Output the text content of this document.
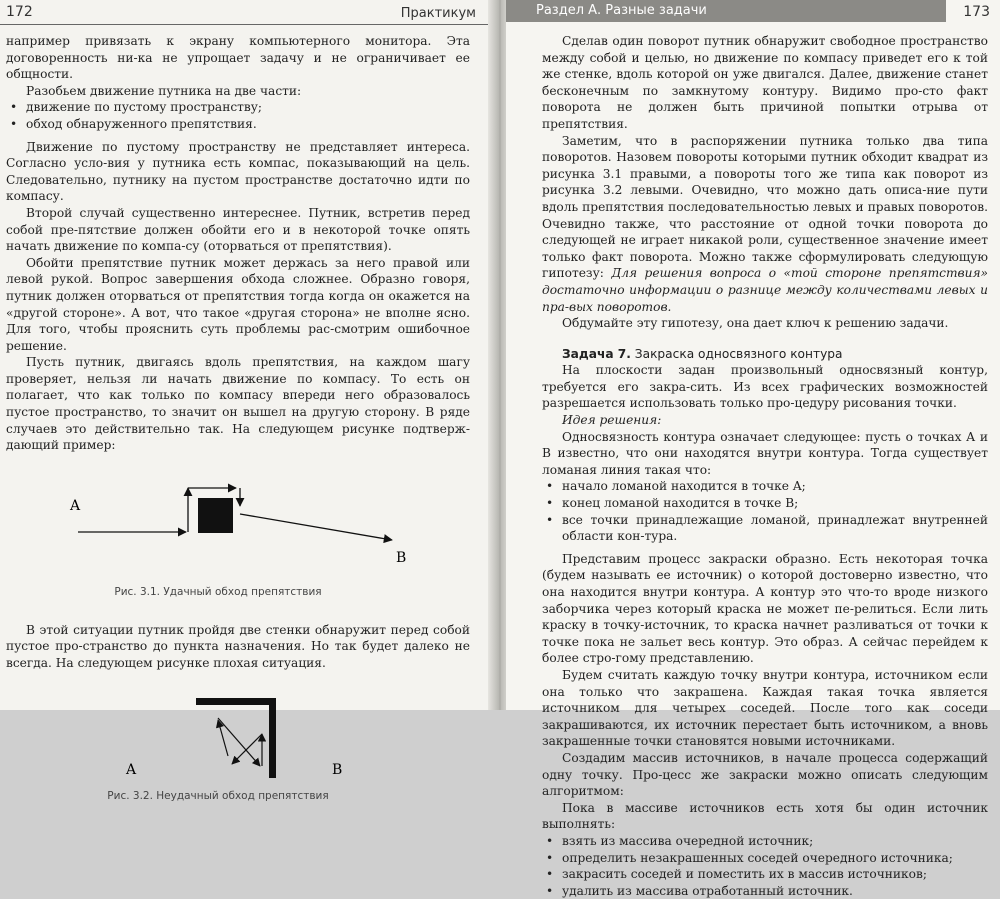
172	Практикум

например привязать к экрану компьютерного монитора. Эта договоренность ни-ка не упрощает задачу и не ограничивает ее общности.

Разобьем движение путника на две части:

• движение по пустому пространству;
• обход обнаруженного препятствия.

Движение по пустому пространству не представляет интереса. Согласно усло-вия у путника есть компас, показывающий на цель. Следовательно, путнику на пустом пространстве достаточно идти по компасу.

Второй случай существенно интереснее. Путник, встретив перед собой пре-пятствие должен обойти его и в некоторой точке опять начать движение по компа-су (оторваться от препятствия).

Обойти препятствие путник может держась за него правой или левой рукой. Вопрос завершения обхода сложнее. Образно говоря, путник должен оторваться от препятствия тогда когда он окажется на «другой стороне». А вот, что такое «другая сторона» не вполне ясно. Для того, чтобы прояснить суть проблемы рас-смотрим ошибочное решение.

Пусть путник, двигаясь вдоль препятствия, на каждом шагу проверяет, нельзя ли начать движение по компасу. То есть он полагает, что как только по компасу впереди него образовалось пустое пространство, то значит он вышел на другую сторону. В ряде случаев это действительно так. На следующем рисунке подтверж-дающий пример:

A
B
Рис. 3.1. Удачный обход препятствия

В этой ситуации путник пройдя две стенки обнаружит перед собой пустое про-странство до пункта назначения. Но так будет далеко не всегда. На следующем рисунке плохая ситуация.

A	B
Рис. 3.2. Неудачный обход препятствия
Раздел А. Разные задачи	173

Сделав один поворот путник обнаружит свободное пространство между собой и целью, но движение по компасу приведет его к той же стенке, вдоль которой он уже двигался. Далее, движение станет бесконечным по замкнутому контуру. Видимо про-сто факт поворота не должен быть причиной попытки отрыва от препятствия.

Заметим, что в распоряжении путника только два типа поворотов. Назовем повороты которыми путник обходит квадрат из рисунка 3.1 правыми, а повороты того же типа как поворот из рисунка 3.2 левыми. Очевидно, что можно дать описа-ние пути вдоль препятствия последовательностью левых и правых поворотов. Очевидно также, что расстояние от одной точки поворота до следующей не играет никакой роли, существенное значение имеет только факт поворота. Можно также сформулировать следующую гипотезу: Для решения вопроса о «той стороне препятствия» достаточно информации о разнице между количествами левых и пра-вых поворотов.

Обдумайте эту гипотезу, она дает ключ к решению задачи.

Задача 7. Закраска односвязного контура

На плоскости задан произвольный односвязный контур, требуется его закра-сить. Из всех графических возможностей разрешается использовать только про-цедуру рисования точки.

Идея решения:

Односвязность контура означает следующее: пусть о точках A и B известно, что они находятся внутри контура. Тогда существует ломаная линия такая что:

• начало ломаной находится в точке A;
• конец ломаной находится в точке B;
• все точки принадлежащие ломаной, принадлежат внутренней области кон-тура.

Представим процесс закраски образно. Есть некоторая точка (будем называть ее источник) о которой достоверно известно, что она находится внутри контура. А контур это что-то вроде низкого заборчика через который краска не может пе-релиться. Если лить краску в точку-источник, то краска начнет разливаться от точки к точке пока не зальет весь контур. Это образ. А сейчас перейдем к более стро-гому представлению.

Будем считать каждую точку внутри контура, источником если она только что закрашена. Каждая такая точка является источником для четырех соседей. После того как соседи закрашиваются, их источник перестает быть источником, а вновь закрашенные точки становятся новыми источниками.

Создадим массив источников, в начале процесса содержащий одну точку. Про-цесс же закраски можно описать следующим алгоритмом:

Пока в массиве источников есть хотя бы один источник выполнять:

• взять из массива очередной источник;
• определить незакрашенных соседей очередного источника;
• закрасить соседей и поместить их в массив источников;
• удалить из массива отработанный источник.
